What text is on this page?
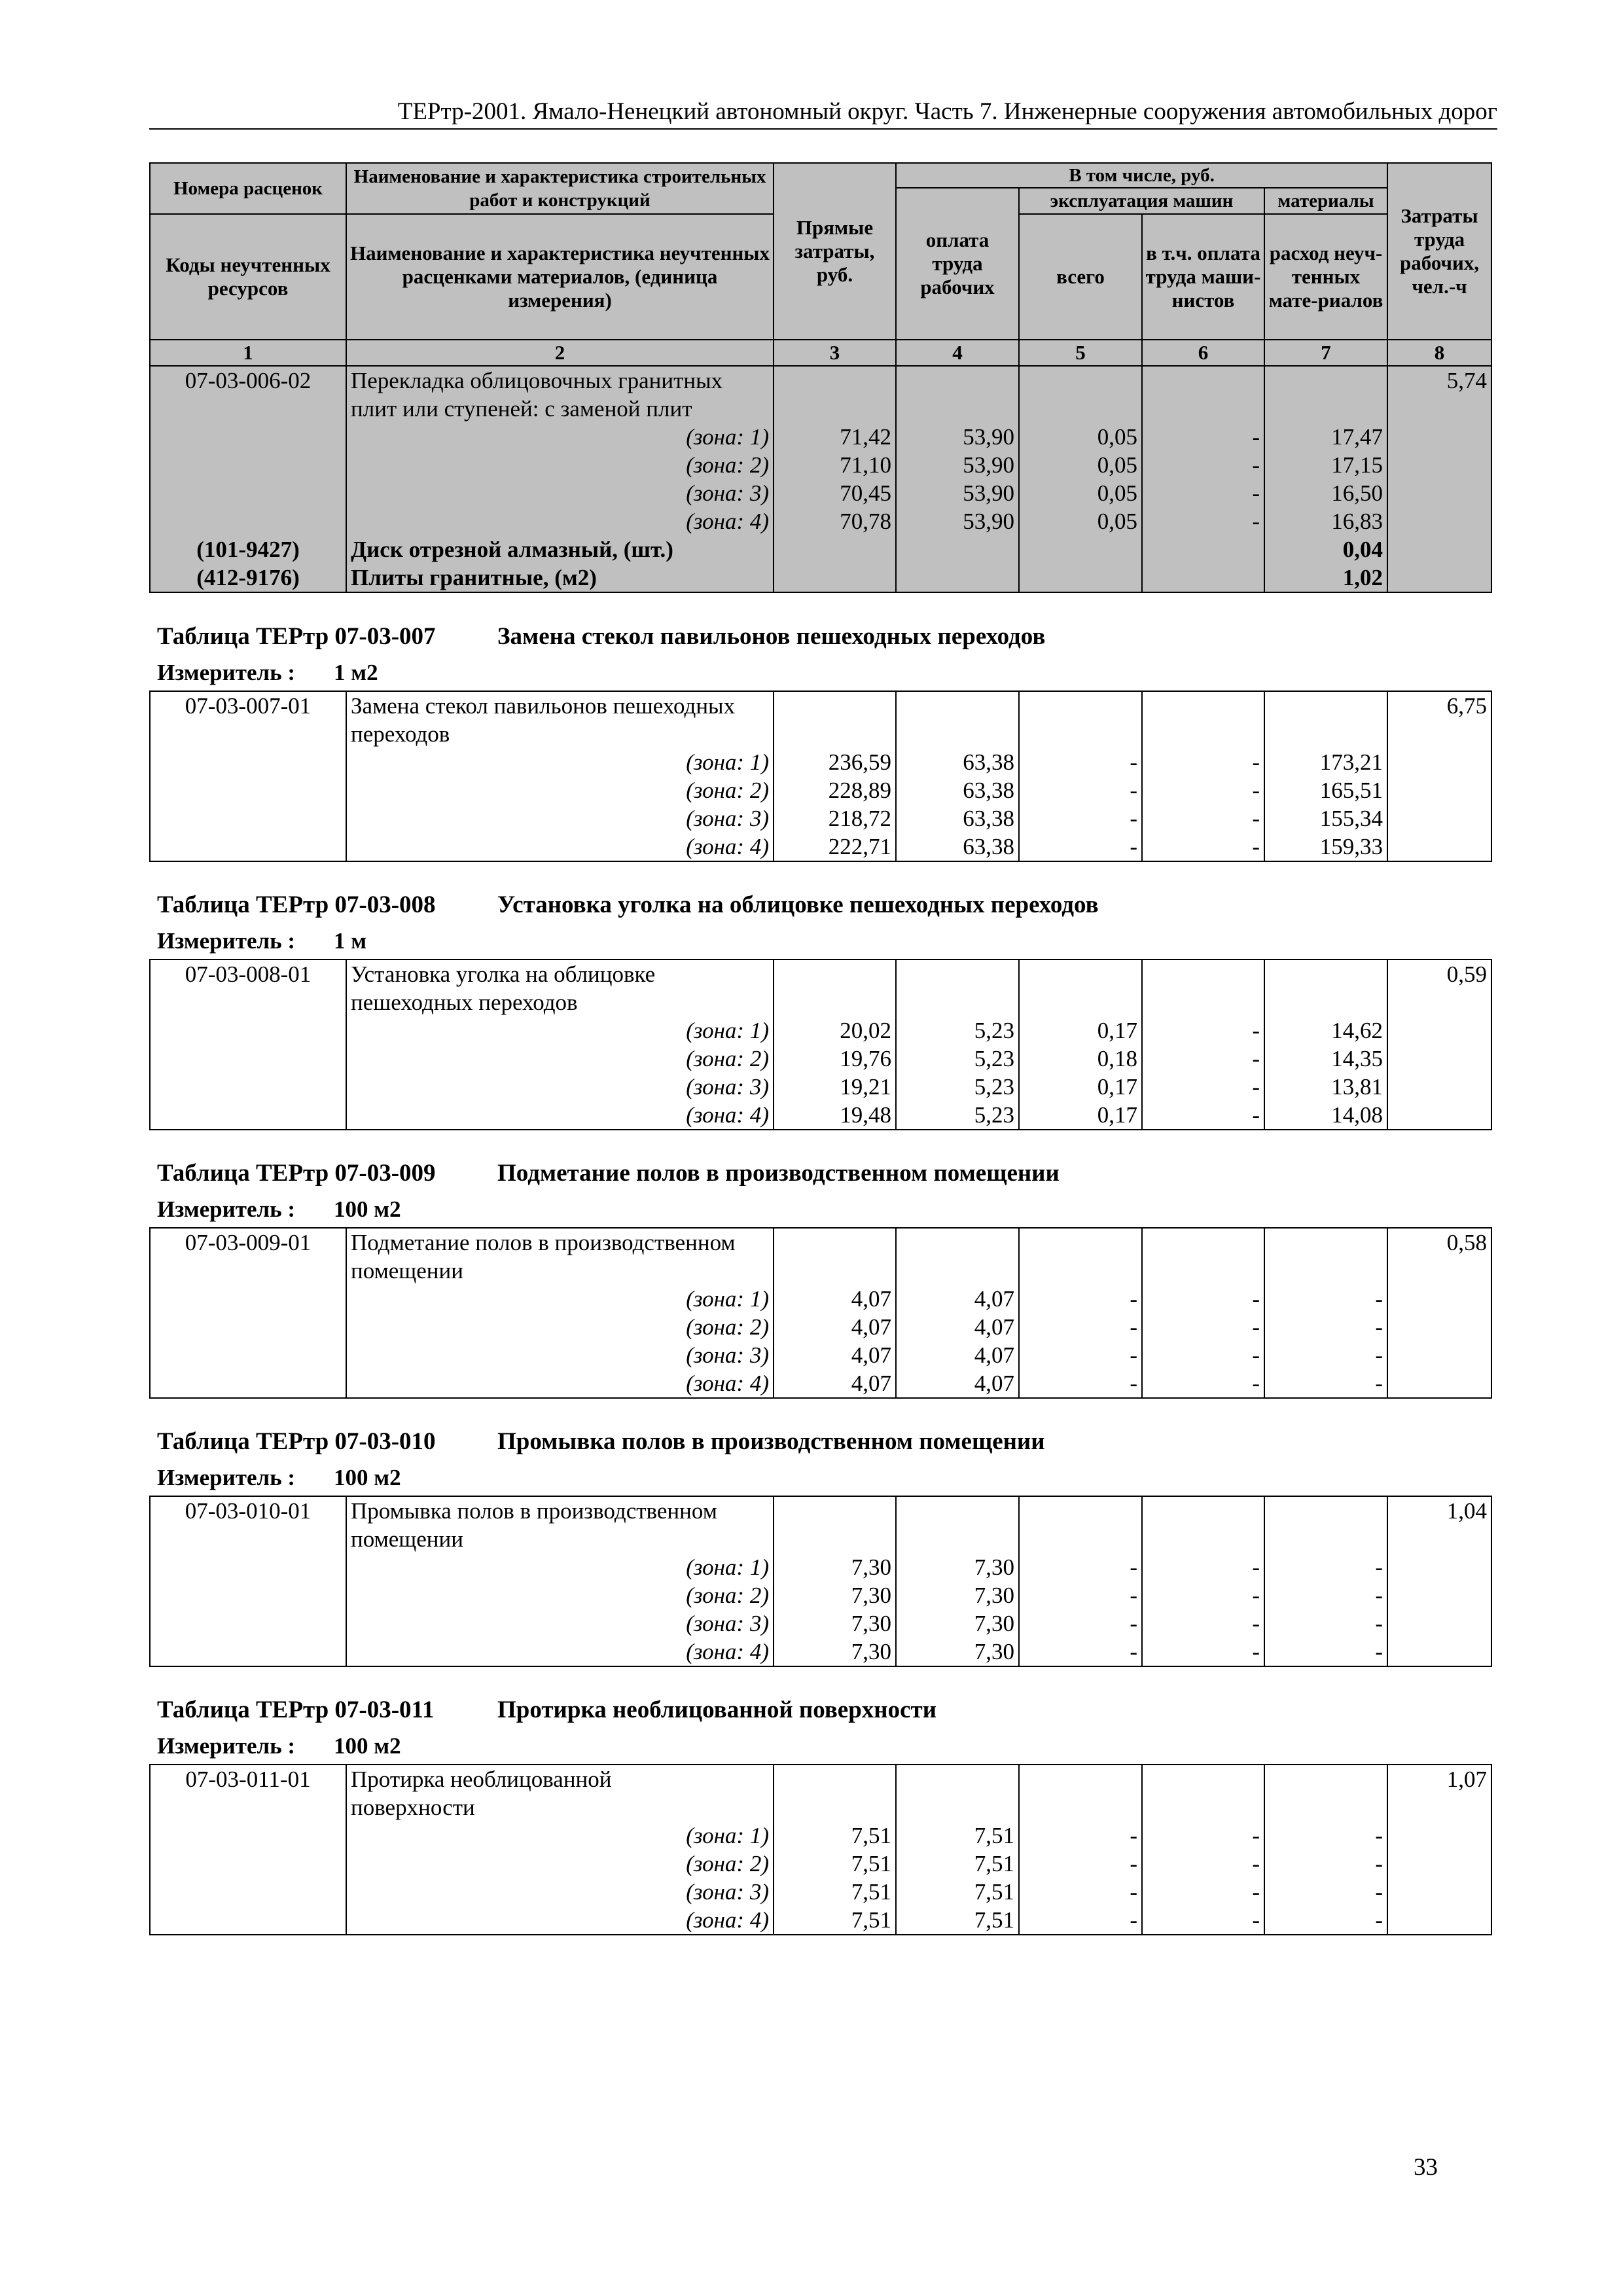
ТЕРтр-2001. Ямало-Ненецкий автономный округ. Часть 7. Инженерные сооружения автомобильных дорог
Номера расценок	Наименование и характеристика строительных работ и конструкций	Прямые затраты, руб.	В том числе, руб.				Затраты труда рабочих, чел.-ч
			оплата труда рабочих	эксплуатация машин		материалы	
Коды неучтенных ресурсов	Наименование и характеристика неучтенных расценками материалов, (единица измерения)			всего	в т.ч. оплата труда маши-нистов	расход неуч-тенных мате-риалов	

1	2	3	4	5	6	7	8
07-03-006-02	Перекладка облицовочных гранитных плит или ступеней: с заменой плит						5,74
	(зона: 1)	71,42	53,90	0,05	-	17,47	
	(зона: 2)	71,10	53,90	0,05	-	17,15	
	(зона: 3)	70,45	53,90	0,05	-	16,50	
	(зона: 4)	70,78	53,90	0,05	-	16,83	
(101-9427)	Диск отрезной алмазный, (шт.)					0,04	
(412-9176)	Плиты гранитные, (м2)					1,02	
Таблица ТЕРтр 07-03-007	Замена стекол павильонов пешеходных переходов
Измеритель : 1 м2
07-03-007-01	Замена стекол павильонов пешеходных						6,75
	переходов						
	(зона: 1)	236,59	63,38	-	-	173,21	
	(зона: 2)	228,89	63,38	-	-	165,51	
	(зона: 3)	218,72	63,38	-	-	155,34	
	(зона: 4)	222,71	63,38	-	-	159,33	
Таблица ТЕРтр 07-03-008	Установка уголка на облицовке пешеходных переходов
Измеритель : 1 м
07-03-008-01	Установка уголка на облицовке						0,59
	пешеходных переходов						
	(зона: 1)	20,02	5,23	0,17	-	14,62	
	(зона: 2)	19,76	5,23	0,18	-	14,35	
	(зона: 3)	19,21	5,23	0,17	-	13,81	
	(зона: 4)	19,48	5,23	0,17	-	14,08	
Таблица ТЕРтр 07-03-009	Подметание полов в производственном помещении
Измеритель : 100 м2
07-03-009-01	Подметание полов в производственном						0,58
	помещении						
	(зона: 1)	4,07	4,07	-	-	-	
	(зона: 2)	4,07	4,07	-	-	-	
	(зона: 3)	4,07	4,07	-	-	-	
	(зона: 4)	4,07	4,07	-	-	-	
Таблица ТЕРтр 07-03-010	Промывка полов в производственном помещении
Измеритель : 100 м2
07-03-010-01	Промывка полов в производственном						1,04
	помещении						
	(зона: 1)	7,30	7,30	-	-	-	
	(зона: 2)	7,30	7,30	-	-	-	
	(зона: 3)	7,30	7,30	-	-	-	
	(зона: 4)	7,30	7,30	-	-	-	
Таблица ТЕРтр 07-03-011	Протирка необлицованной поверхности
Измеритель : 100 м2
07-03-011-01	Протирка необлицованной						1,07
	поверхности						
	(зона: 1)	7,51	7,51	-	-	-	
	(зона: 2)	7,51	7,51	-	-	-	
	(зона: 3)	7,51	7,51	-	-	-	
	(зона: 4)	7,51	7,51	-	-	-	
33
